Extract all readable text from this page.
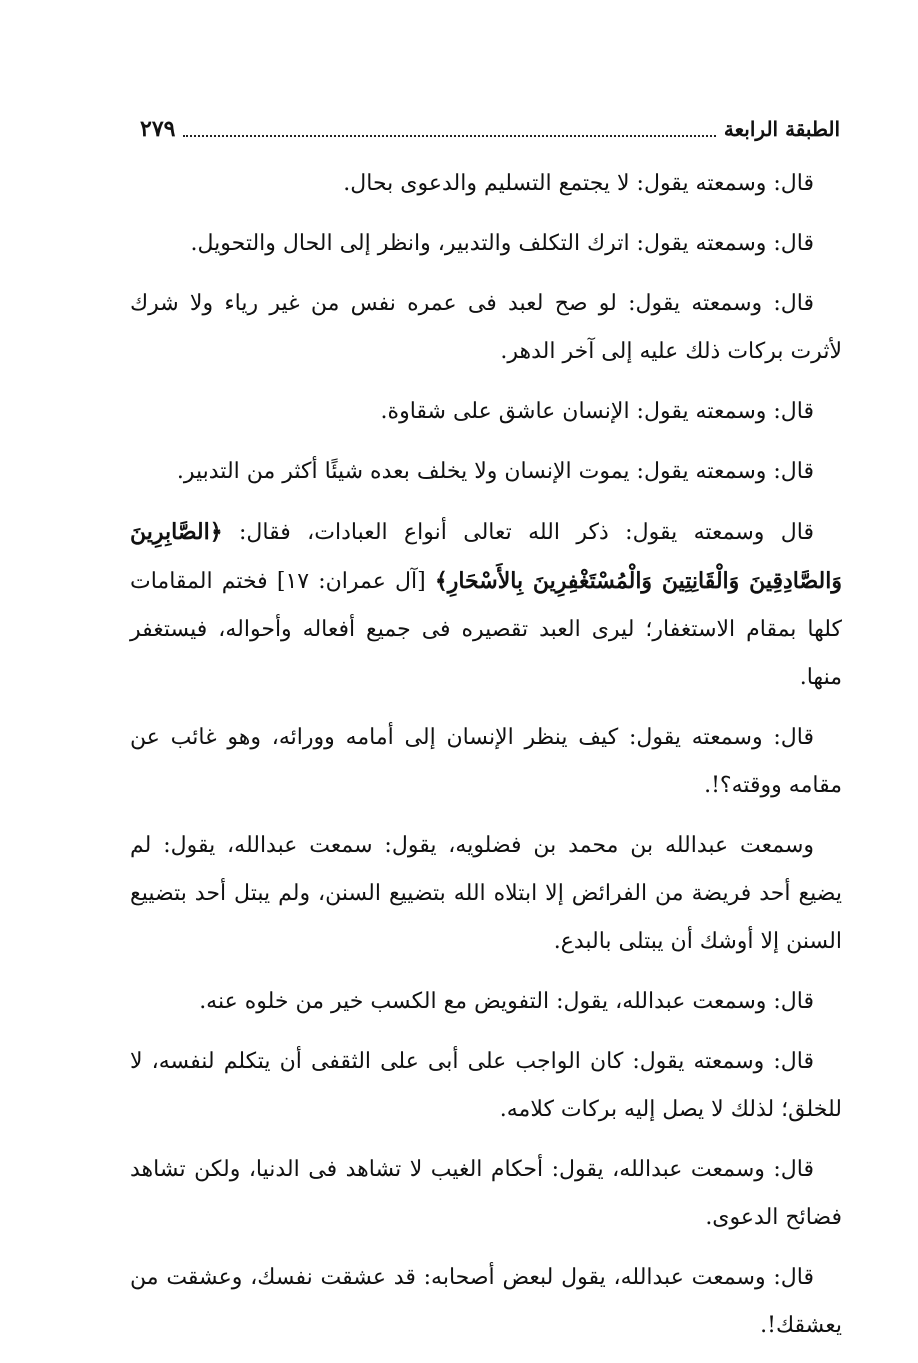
الطبقة الرابعة
٢٧٩

قال: وسمعته يقول: لا يجتمع التسليم والدعوى بحال.

قال: وسمعته يقول: اترك التكلف والتدبير، وانظر إلى الحال والتحويل.

قال: وسمعته يقول: لو صح لعبد فى عمره نفس من غير رياء ولا شرك لأثرت بركات ذلك عليه إلى آخر الدهر.

قال: وسمعته يقول: الإنسان عاشق على شقاوة.

قال: وسمعته يقول: يموت الإنسان ولا يخلف بعده شيئًا أكثر من التدبير.

قال وسمعته يقول: ذكر الله تعالى أنواع العبادات، فقال: ﴿الصَّابِرِينَ وَالصَّادِقِينَ وَالْقَانِتِينَ وَالْمُسْتَغْفِرِينَ بِالأَسْحَارِ﴾ [آل عمران: ١٧] فختم المقامات كلها بمقام الاستغفار؛ ليرى العبد تقصيره فى جميع أفعاله وأحواله، فيستغفر منها.

قال: وسمعته يقول: كيف ينظر الإنسان إلى أمامه وورائه، وهو غائب عن مقامه ووقته؟!.

وسمعت عبدالله بن محمد بن فضلويه، يقول: سمعت عبدالله، يقول: لم يضيع أحد فريضة من الفرائض إلا ابتلاه الله بتضييع السنن، ولم يبتل أحد بتضييع السنن إلا أوشك أن يبتلى بالبدع.

قال: وسمعت عبدالله، يقول: التفويض مع الكسب خير من خلوه عنه.

قال: وسمعته يقول: كان الواجب على أبى على الثقفى أن يتكلم لنفسه، لا للخلق؛ لذلك لا يصل إليه بركات كلامه.

قال: وسمعت عبدالله، يقول: أحكام الغيب لا تشاهد فى الدنيا، ولكن تشاهد فضائح الدعوى.

قال: وسمعت عبدالله، يقول لبعض أصحابه: قد عشقت نفسك، وعشقت من يعشقك!.
